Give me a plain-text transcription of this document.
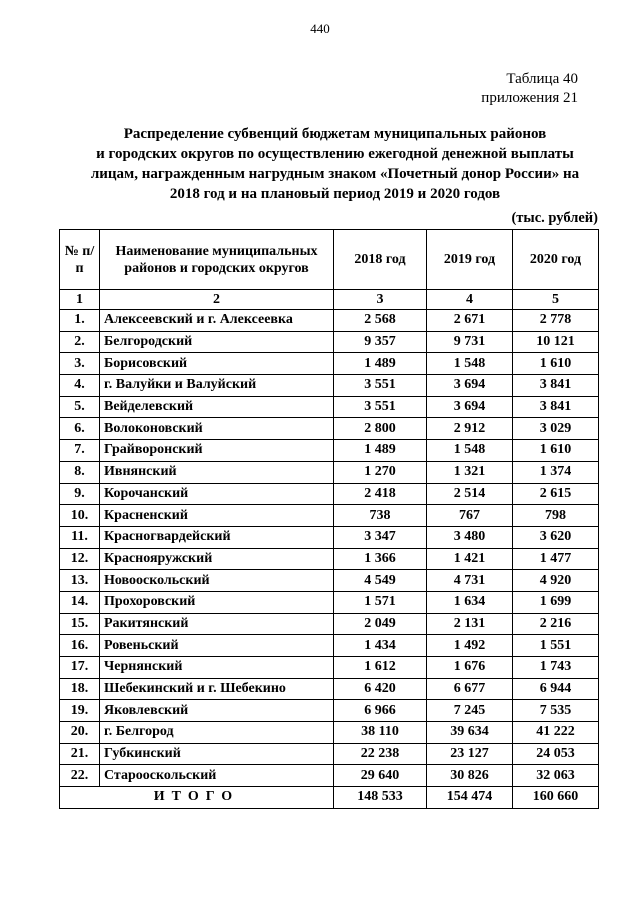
440
Таблица 40
приложения 21
Распределение субвенций бюджетам муниципальных районов
и городских округов по осуществлению ежегодной денежной выплаты
лицам, награжденным нагрудным знаком «Почетный донор России» на
2018 год и на плановый период 2019 и 2020 годов
(тыс. рублей)
№ п/п	Наименование муниципальных районов и городских округов	2018 год	2019 год	2020 год
1	2	3	4	5
1.	Алексеевский и г. Алексеевка	2 568	2 671	2 778
2.	Белгородский	9 357	9 731	10 121
3.	Борисовский	1 489	1 548	1 610
4.	г. Валуйки и Валуйский	3 551	3 694	3 841
5.	Вейделевский	3 551	3 694	3 841
6.	Волоконовский	2 800	2 912	3 029
7.	Грайворонский	1 489	1 548	1 610
8.	Ивнянский	1 270	1 321	1 374
9.	Корочанский	2 418	2 514	2 615
10.	Красненский	738	767	798
11.	Красногвардейский	3 347	3 480	3 620
12.	Краснояружский	1 366	1 421	1 477
13.	Новооскольский	4 549	4 731	4 920
14.	Прохоровский	1 571	1 634	1 699
15.	Ракитянский	2 049	2 131	2 216
16.	Ровеньский	1 434	1 492	1 551
17.	Чернянский	1 612	1 676	1 743
18.	Шебекинский и г. Шебекино	6 420	6 677	6 944
19.	Яковлевский	6 966	7 245	7 535
20.	г. Белгород	38 110	39 634	41 222
21.	Губкинский	22 238	23 127	24 053
22.	Старооскольский	29 640	30 826	32 063
ИТОГО		148 533	154 474	160 660
